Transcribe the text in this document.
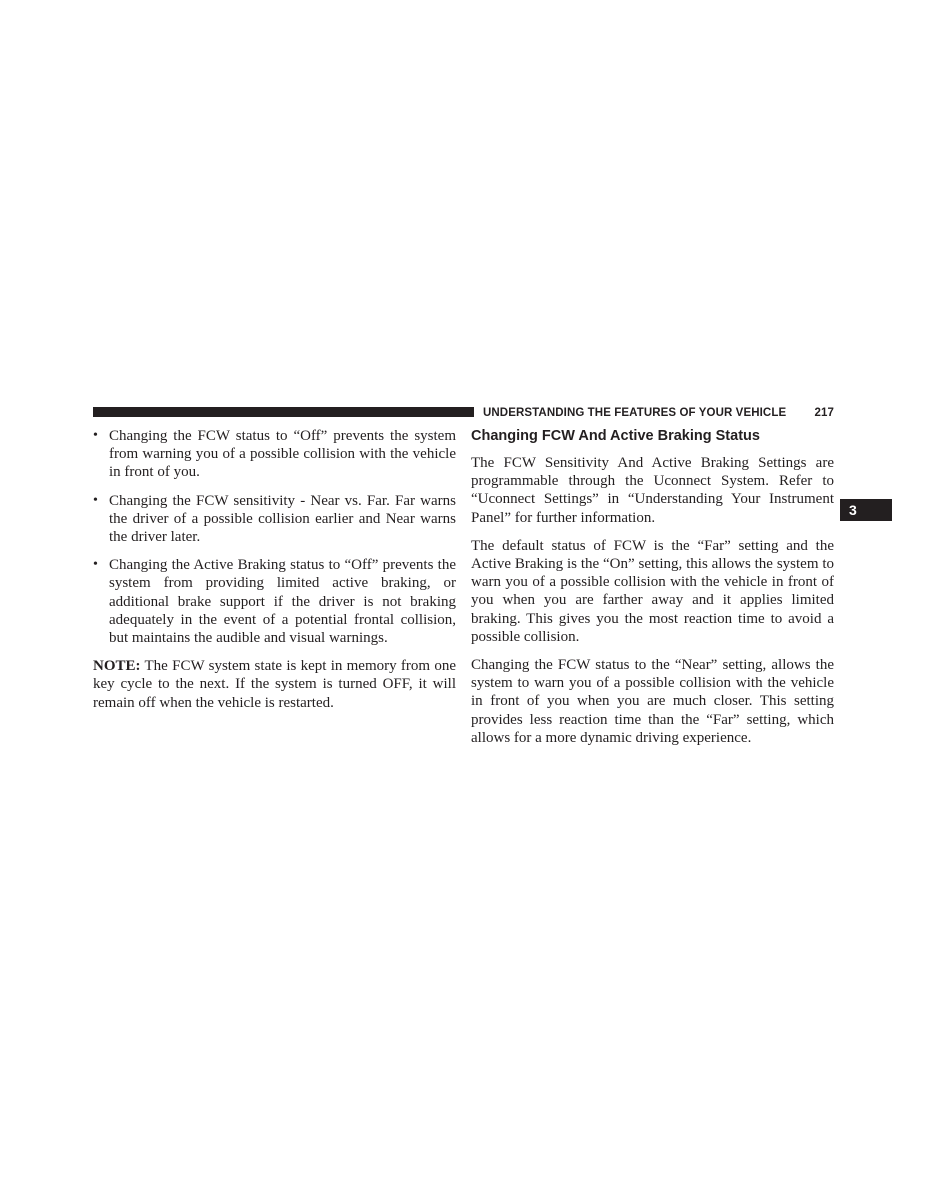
UNDERSTANDING THE FEATURES OF YOUR VEHICLE 217
3
• Changing the FCW status to “Off” prevents the system from warning you of a possible collision with the vehicle in front of you.
• Changing the FCW sensitivity - Near vs. Far. Far warns the driver of a possible collision earlier and Near warns the driver later.
• Changing the Active Braking status to “Off” prevents the system from providing limited active braking, or additional brake support if the driver is not braking adequately in the event of a potential frontal collision, but maintains the audible and visual warnings.

NOTE: The FCW system state is kept in memory from one key cycle to the next. If the system is turned OFF, it will remain off when the vehicle is restarted.

Changing FCW And Active Braking Status

The FCW Sensitivity And Active Braking Settings are programmable through the Uconnect System. Refer to “Uconnect Settings” in “Understanding Your Instrument Panel” for further information.

The default status of FCW is the “Far” setting and the Active Braking is the “On” setting, this allows the system to warn you of a possible collision with the vehicle in front of you when you are farther away and it applies limited braking. This gives you the most reaction time to avoid a possible collision.

Changing the FCW status to the “Near” setting, allows the system to warn you of a possible collision with the vehicle in front of you when you are much closer. This setting provides less reaction time than the “Far” setting, which allows for a more dynamic driving experience.
